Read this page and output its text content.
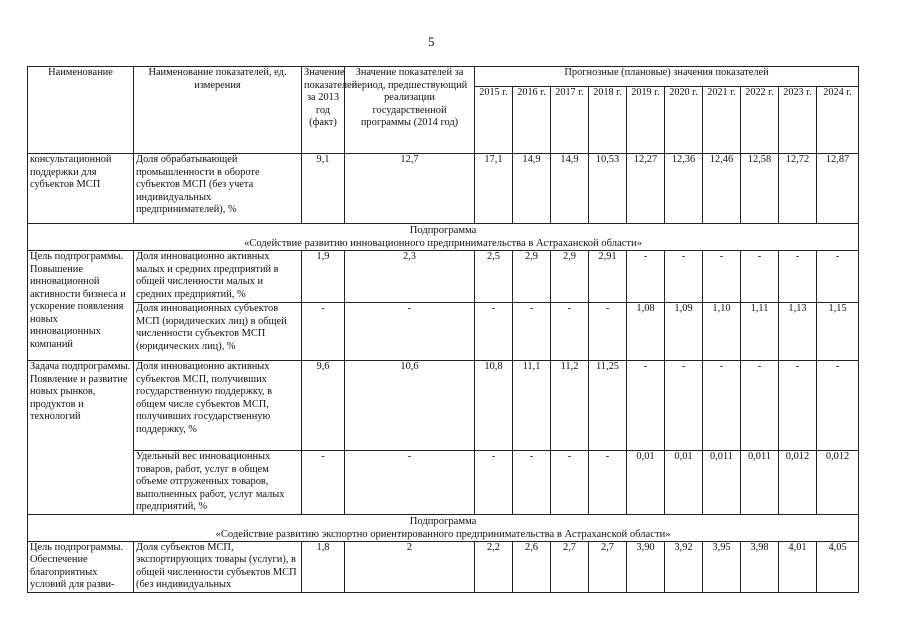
5
Наименование	Наименование показателей, ед. измерения	Значение показателей за 2013 год (факт)	Значение показателей за период, предшествующий реализации государственной программы (2014 год)	Прогнозные (плановые) значения показателей									
				2015 г.	2016 г.	2017 г.	2018 г.	2019 г.	2020 г.	2021 г.	2022 г.	2023 г.	2024 г.
консультационной поддержки для субъектов МСП	Доля обрабатывающей промышленности в обороте субъектов МСП (без учета индивидуальных предпринимателей), %	9,1	12,7	17,1	14,9	14,9	10,53	12,27	12,36	12,46	12,58	12,72	12,87

Подпрограмма
«Содействие развитию инновационного предпринимательства в Астраханской области»													

Цель подпрограммы. Повышение инновационной активности бизнеса и ускорение появления новых инновационных компаний	Доля инновационно активных малых и средних предприятий в общей численности малых и средних предприятий, %	1,9	2,3	2,5	2,9	2,9	2,91	-	-	-	-	-	-
	Доля инновационных субъектов МСП (юридических лиц) в общей численности субъектов МСП (юридических лиц), %	-	-	-	-	-	-	1,08	1,09	1,10	1,11	1,13	1,15
Задача подпрограммы. Появление и развитие новых рынков, продуктов и технологий	Доля инновационно активных субъектов МСП, получивших государственную поддержку, в общем числе субъектов МСП, получивших государственную поддержку, %	9,6	10,6	10,8	11,1	11,2	11,25	-	-	-	-	-	-
	Удельный вес инновационных товаров, работ, услуг в общем объеме отгруженных товаров, выполненных работ, услуг малых предприятий, %	-	-	-	-	-	-	0,01	0,01	0,011	0,011	0,012	0,012

Подпрограмма
«Содействие развитию экспортно ориентированного предпринимательства в Астраханской области»													

Цель подпрограммы. Обеспечение благоприятных условий для разви-	Доля субъектов МСП, экспортирующих товары (услуги), в общей численности субъектов МСП (без индивидуальных	1,8	2	2,2	2,6	2,7	2,7	3,90	3,92	3,95	3,98	4,01	4,05
